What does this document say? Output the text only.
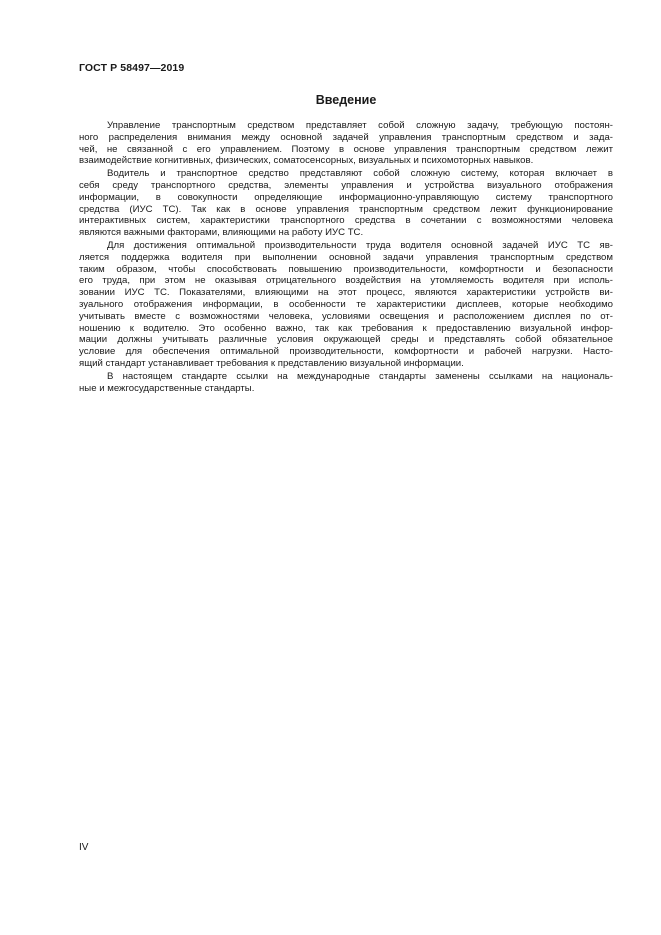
ГОСТ Р 58497—2019
Введение

Управление транспортным средством представляет собой сложную задачу, требующую постоян-
ного распределения внимания между основной задачей управления транспортным средством и зада-
чей, не связанной с его управлением. Поэтому в основе управления транспортным средством лежит
взаимодействие когнитивных, физических, соматосенсорных, визуальных и психомоторных навыков.

Водитель и транспортное средство представляют собой сложную систему, которая включает в
себя среду транспортного средства, элементы управления и устройства визуального отображения
информации, в совокупности определяющие информационно-управляющую систему транспортного
средства (ИУС ТС). Так как в основе управления транспортным средством лежит функционирование
интерактивных систем, характеристики транспортного средства в сочетании с возможностями человека
являются важными факторами, влияющими на работу ИУС ТС.

Для достижения оптимальной производительности труда водителя основной задачей ИУС ТС яв-
ляется поддержка водителя при выполнении основной задачи управления транспортным средством
таким образом, чтобы способствовать повышению производительности, комфортности и безопасности
его труда, при этом не оказывая отрицательного воздействия на утомляемость водителя при исполь-
зовании ИУС ТС. Показателями, влияющими на этот процесс, являются характеристики устройств ви-
зуального отображения информации, в особенности те характеристики дисплеев, которые необходимо
учитывать вместе с возможностями человека, условиями освещения и расположением дисплея по от-
ношению к водителю. Это особенно важно, так как требования к предоставлению визуальной инфор-
мации должны учитывать различные условия окружающей среды и представлять собой обязательное
условие для обеспечения оптимальной производительности, комфортности и рабочей нагрузки. Насто-
ящий стандарт устанавливает требования к представлению визуальной информации.

В настоящем стандарте ссылки на международные стандарты заменены ссылками на националь-
ные и межгосударственные стандарты.

IV
